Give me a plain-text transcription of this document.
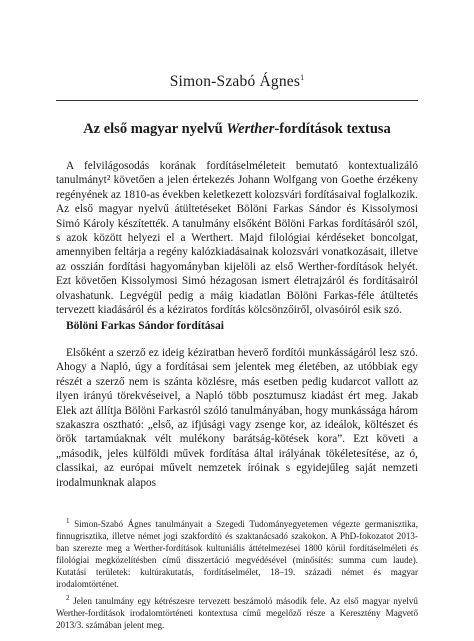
Simon-Szabó Ágnes$^1$
Az első magyar nyelvű Werther-fordítások textusa

A felvilágosodás korának fordításelméleteit bemutató kontextualizáló tanulmányt² követően a jelen értekezés Johann Wolfgang von Goethe érzékeny regényének az 1810-as években keletkezett kolozsvári fordításaival foglalkozik. Az első magyar nyelvű átültetéseket Bölöni Farkas Sándor és Kissolymosi Simó Károly készítették. A tanulmány elsőként Bölöni Farkas fordításáról szól, s azok között helyezi el a Werthert. Majd filológiai kérdéseket boncolgat, amennyiben feltárja a regény kalózkiadásainak kolozsvári vonatkozásait, illetve az osszián fordítási hagyományban kijelöli az első Werther-fordítások helyét. Ezt követően Kissolymosi Simó hézagosan ismert életrajzáról és fordításairól olvashatunk. Legvégül pedig a máig kiadatlan Bölöni Farkas-féle átültetés tervezett kiadásáról és a kéziratos fordítás kölcsönzőiről, olvasóiról esik szó.

Bölöni Farkas Sándor fordításai

Elsőként a szerző ez ideig kéziratban heverő fordítói munkásságáról lesz szó. Ahogy a Napló, úgy a fordításai sem jelentek meg életében, az utóbbiak egy részét a szerző nem is szánta közlésre, más esetben pedig kudarcot vallott az ilyen irányú törekvéseivel, a Napló több posztumusz kiadást ért meg. Jakab Elek azt állítja Bölöni Farkasról szóló tanulmányában, hogy munkássága három szakaszra osztható: „első, az ifjúsági vagy zsenge kor, az ideálok, költészet és örök tartamúaknak vélt mulékony barátság-kötések kora”. Ezt követi a „második, jeles külföldi művek fordítása által irályának tökéletesítése, az ó, classikai, az európai művelt nemzetek íróinak s egyidejűleg saját nemzeti irodalmunknak alapos

$^1$ Simon-Szabó Ágnes tanulmányait a Szegedi Tudományegyetemen végezte germanisztika, finnugrisztika, illetve német jogi szakfordító és szaktanácsadó szakokon. A PhD-fokozatot 2013-ban szerezte meg a Werther-fordítások kultuniális áttételmezései 1800 körül fordításelméleti és filológiai megközelítésben című disszertáció megvédésével (minősítés: summa cum laude). Kutatási területek: kultúrakutatás, fordításelmélet, 18–19. századi német és magyar irodalomtörténet.

$^2$ Jelen tanulmány egy kétrészesre tervezett beszámoló második fele. Az első magyar nyelvű Werther-fordítások irodalomtörténeti kontextusa című megelőző része a Keresztény Magvető 2013/3. számában jelent meg.
